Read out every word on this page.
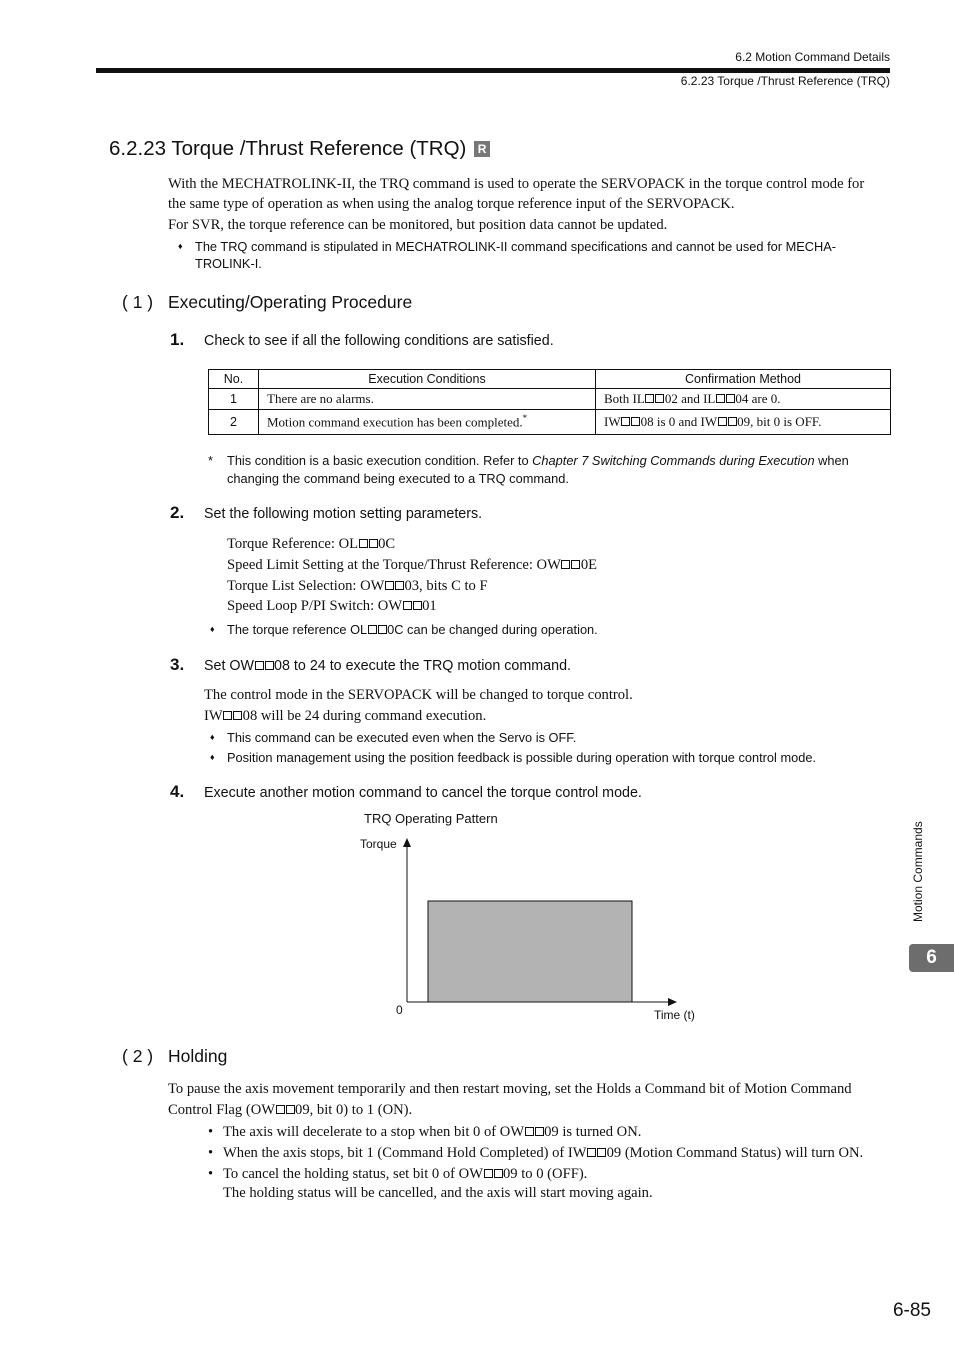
6.2 Motion Command Details
6.2.23 Torque /Thrust Reference (TRQ)
6.2.23 Torque /Thrust Reference (TRQ) R
With the MECHATROLINK-II, the TRQ command is used to operate the SERVOPACK in the torque control mode for
the same type of operation as when using the analog torque reference input of the SERVOPACK.
For SVR, the torque reference can be monitored, but position data cannot be updated.
♦ The TRQ command is stipulated in MECHATROLINK-II command specifications and cannot be used for MECHA-
TROLINK-I.
( 1 ) Executing/Operating Procedure
1. Check to see if all the following conditions are satisfied.
No.	Execution Conditions	Confirmation Method
1	There are no alarms.	Both IL 02 and IL 04 are 0.
2	Motion command execution has been completed.*	IW 08 is 0 and IW 09, bit 0 is OFF.
* This condition is a basic execution condition. Refer to Chapter 7 Switching Commands during Execution when
changing the command being executed to a TRQ command.
2. Set the following motion setting parameters.
Torque Reference: OL 0C
Speed Limit Setting at the Torque/Thrust Reference: OW 0E
Torque List Selection: OW 03, bits C to F
Speed Loop P/PI Switch: OW 01
♦ The torque reference OL 0C can be changed during operation.
3. Set OW 08 to 24 to execute the TRQ motion command.
The control mode in the SERVOPACK will be changed to torque control.
IW 08 will be 24 during command execution.
♦ This command can be executed even when the Servo is OFF.
♦ Position management using the position feedback is possible during operation with torque control mode.
4. Execute another motion command to cancel the torque control mode.
TRQ Operating Pattern
Torque
0	Time (t)
( 2 ) Holding
To pause the axis movement temporarily and then restart moving, set the Holds a Command bit of Motion Command
Control Flag (OW 09, bit 0) to 1 (ON).
• The axis will decelerate to a stop when bit 0 of OW 09 is turned ON.
• When the axis stops, bit 1 (Command Hold Completed) of IW 09 (Motion Command Status) will turn ON.
• To cancel the holding status, set bit 0 of OW 09 to 0 (OFF).
The holding status will be cancelled, and the axis will start moving again.
Motion Commands
6
6-85
